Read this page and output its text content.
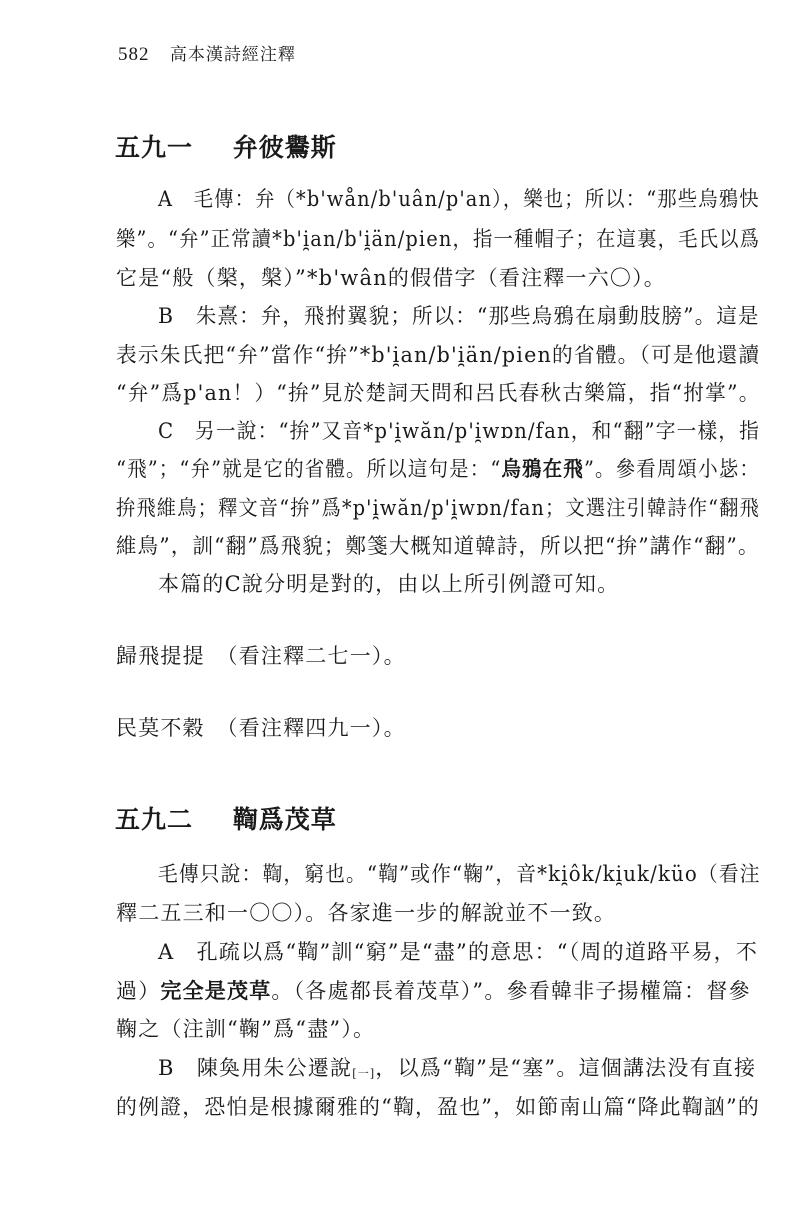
582 高本漢詩經注釋
五九一 弁彼鸒斯
A　毛傳：弁（*b'wån/b'uân/p'an），樂也；所以：“那些烏鴉快
樂”。“弁”正常讀*b'i̯an/b'i̯än/pien，指一種帽子；在這裏，毛氏以爲
它是“般（槃，槃）”*b'wân的假借字（看注釋一六〇）。
B　朱熹：弁，飛拊翼貌；所以：“那些烏鴉在扇動肢膀”。這是
表示朱氏把“弁”當作“拚”*b'i̯an/b'i̯än/pien的省體。（可是他還讀
“弁”爲p'an！）“拚”見於楚詞天問和呂氏春秋古樂篇，指“拊掌”。
C　另一說：“拚”又音*p'i̯wăn/p'i̯wɒn/fan，和“翻”字一樣，指
“飛”；“弁”就是它的省體。所以這句是：“烏鴉在飛”。參看周頌小毖：
拚飛維鳥；釋文音“拚”爲*p'i̯wăn/p'i̯wɒn/fan；文選注引韓詩作“翻飛
維鳥”，訓“翻”爲飛貌；鄭箋大概知道韓詩，所以把“拚”講作“翻”。
本篇的C說分明是對的，由以上所引例證可知。
歸飛提提　（看注釋二七一）。
民莫不穀　（看注釋四九一）。
五九二 鞫爲茂草
毛傳只說：鞫，窮也。“鞫”或作“鞠”，音*ki̯ôk/ki̯uk/küo（看注
釋二五三和一〇〇）。各家進一步的解說並不一致。
A　孔疏以爲“鞫”訓“窮”是“盡”的意思：“（周的道路平易，不
過）完全是茂草。（各處都長着茂草）”。參看韓非子揚權篇：督參
鞠之（注訓“鞠”爲“盡”）。
B　陳奐用朱公遷說[一]，以爲“鞫”是“塞”。這個講法没有直接
的例證，恐怕是根據爾雅的“鞫，盈也”，如節南山篇“降此鞫訩”的
